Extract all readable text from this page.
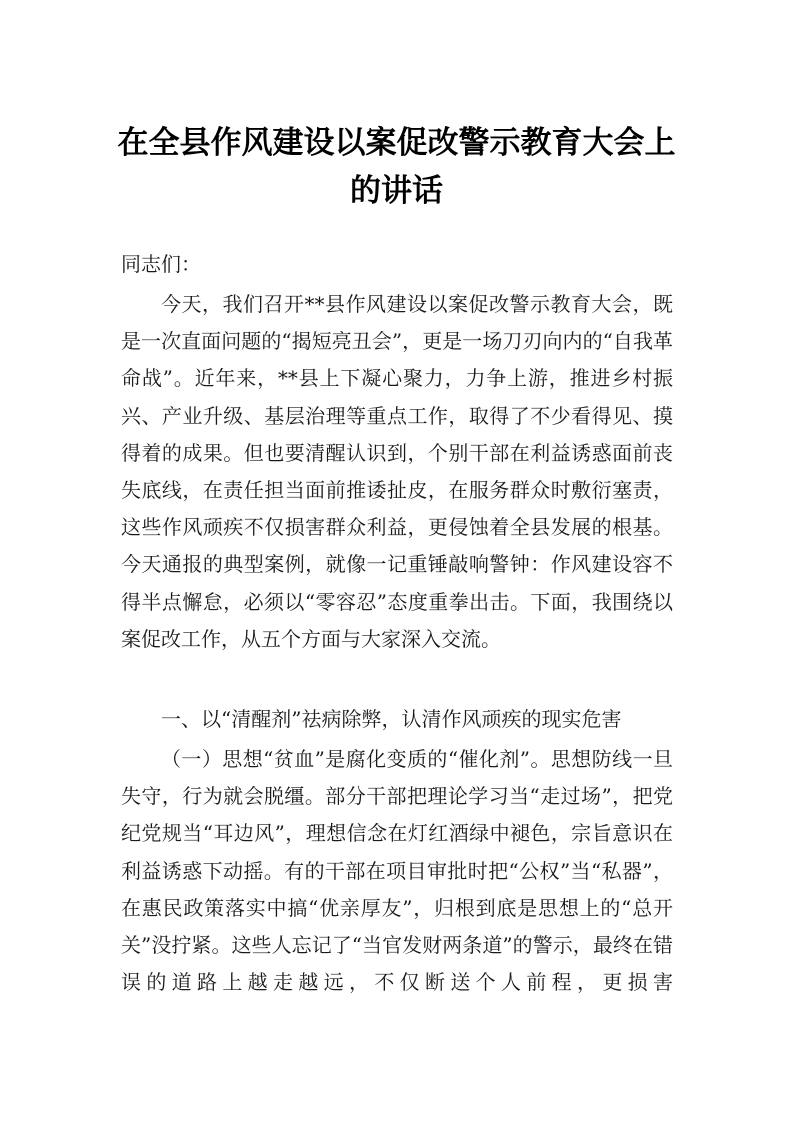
在全县作风建设以案促改警示教育大会上
的讲话
同志们：
今天，我们召开**县作风建设以案促改警示教育大会，既是一次直面问题的“揭短亮丑会”，更是一场刀刃向内的“自我革命战”。近年来，**县上下凝心聚力，力争上游，推进乡村振兴、产业升级、基层治理等重点工作，取得了不少看得见、摸得着的成果。但也要清醒认识到，个别干部在利益诱惑面前丧失底线，在责任担当面前推诿扯皮，在服务群众时敷衍塞责，这些作风顽疾不仅损害群众利益，更侵蚀着全县发展的根基。今天通报的典型案例，就像一记重锤敲响警钟：作风建设容不得半点懈怠，必须以“零容忍”态度重拳出击。下面，我围绕以案促改工作，从五个方面与大家深入交流。
一、以“清醒剂”祛病除弊，认清作风顽疾的现实危害
（一）思想“贫血”是腐化变质的“催化剂”。思想防线一旦失守，行为就会脱缰。部分干部把理论学习当“走过场”，把党纪党规当“耳边风”，理想信念在灯红酒绿中褪色，宗旨意识在利益诱惑下动摇。有的干部在项目审批时把“公权”当“私器”，在惠民政策落实中搞“优亲厚友”，归根到底是思想上的“总开关”没拧紧。这些人忘记了“当官发财两条道”的警示，最终在错误的道路上越走越远，不仅断送个人前程，更损害
